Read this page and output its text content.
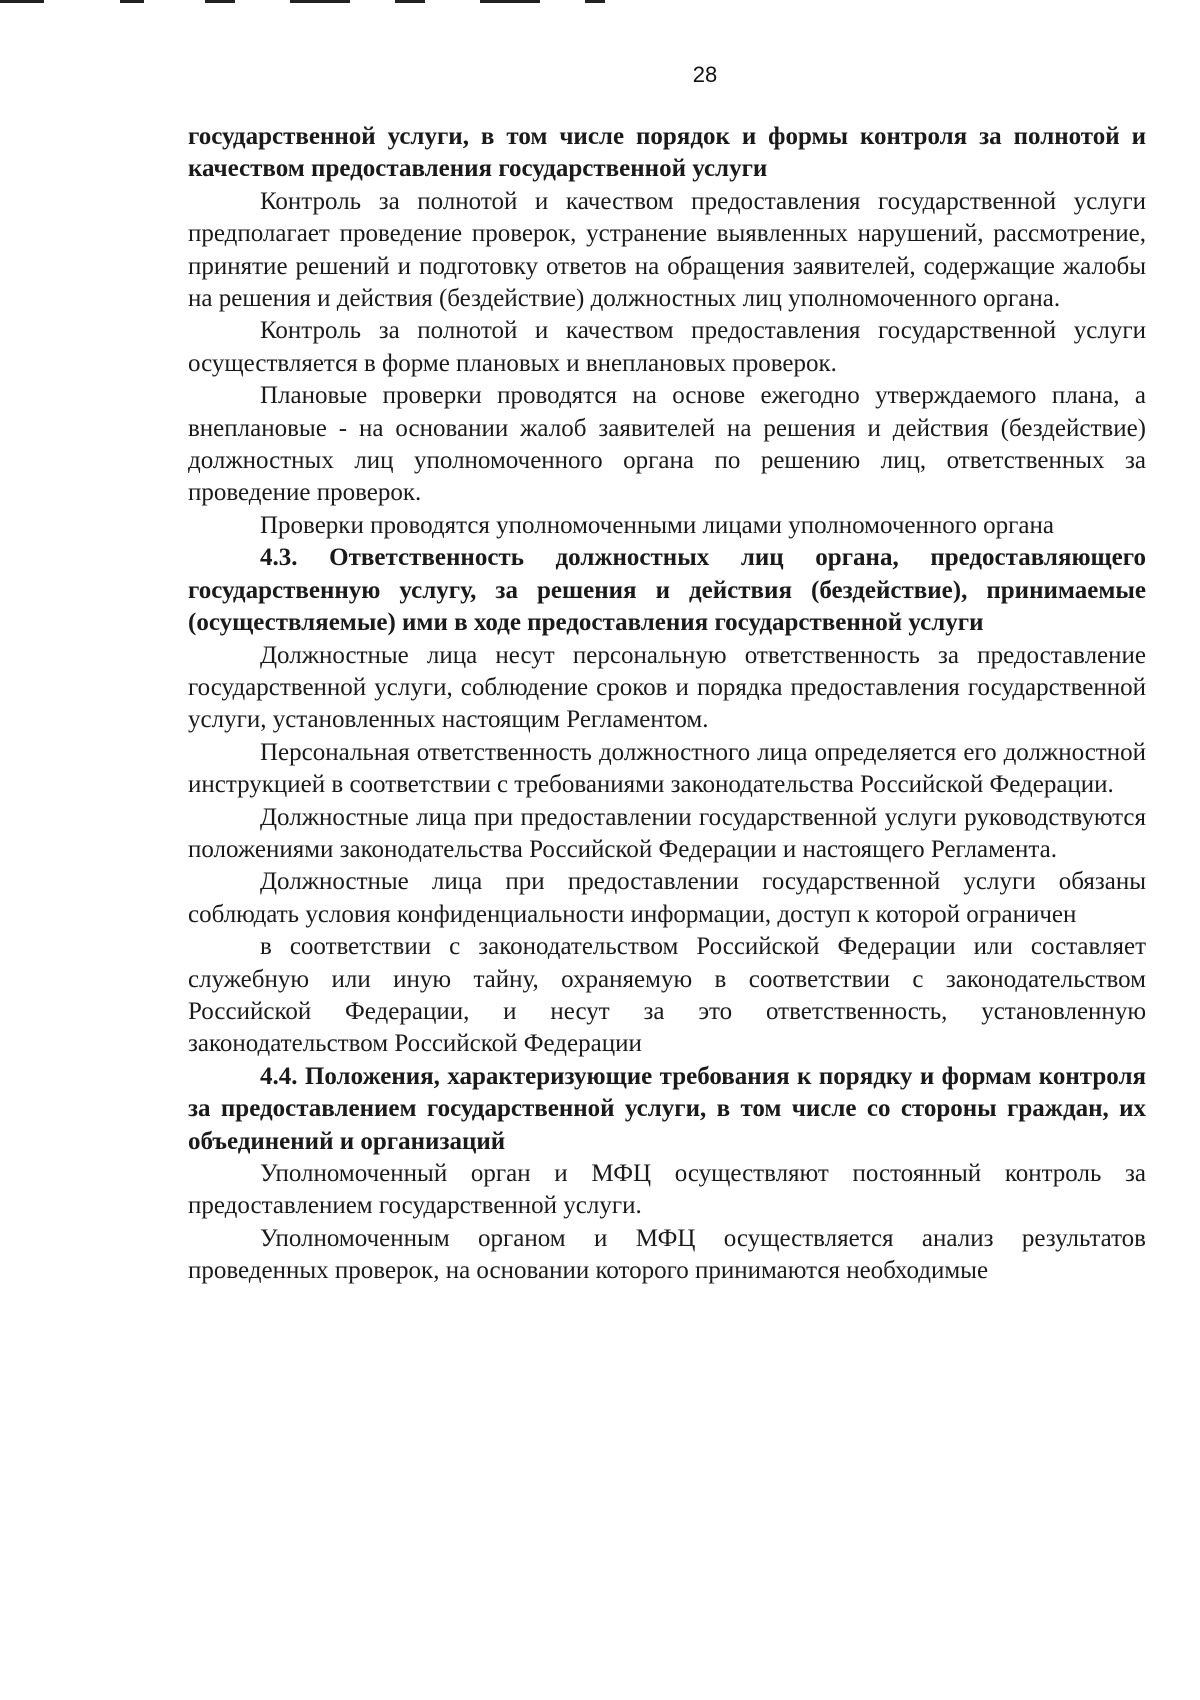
28

государственной услуги, в том числе порядок и формы контроля за полнотой и качеством предоставления государственной услуги

Контроль за полнотой и качеством предоставления государственной услуги предполагает проведение проверок, устранение выявленных нарушений, рассмотрение, принятие решений и подготовку ответов на обращения заявителей, содержащие жалобы на решения и действия (бездействие) должностных лиц уполномоченного органа.

Контроль за полнотой и качеством предоставления государственной услуги осуществляется в форме плановых и внеплановых проверок.

Плановые проверки проводятся на основе ежегодно утверждаемого плана, а внеплановые - на основании жалоб заявителей на решения и действия (бездействие) должностных лиц уполномоченного органа по решению лиц, ответственных за проведение проверок.

Проверки проводятся уполномоченными лицами уполномоченного органа

4.3. Ответственность должностных лиц органа, предоставляющего государственную услугу, за решения и действия (бездействие), принимаемые (осуществляемые) ими в ходе предоставления государственной услуги

Должностные лица несут персональную ответственность за предоставление государственной услуги, соблюдение сроков и порядка предоставления государственной услуги, установленных настоящим Регламентом.

Персональная ответственность должностного лица определяется его должностной инструкцией в соответствии с требованиями законодательства Российской Федерации.

Должностные лица при предоставлении государственной услуги руководствуются положениями законодательства Российской Федерации и настоящего Регламента.

Должностные лица при предоставлении государственной услуги обязаны соблюдать условия конфиденциальности информации, доступ к которой ограничен

в соответствии с законодательством Российской Федерации или составляет служебную или иную тайну, охраняемую в соответствии с законодательством Российской Федерации, и несут за это ответственность, установленную законодательством Российской Федерации

4.4. Положения, характеризующие требования к порядку и формам контроля за предоставлением государственной услуги, в том числе со стороны граждан, их объединений и организаций

Уполномоченный орган и МФЦ осуществляют постоянный контроль за предоставлением государственной услуги.

Уполномоченным органом и МФЦ осуществляется анализ результатов проведенных проверок, на основании которого принимаются необходимые
